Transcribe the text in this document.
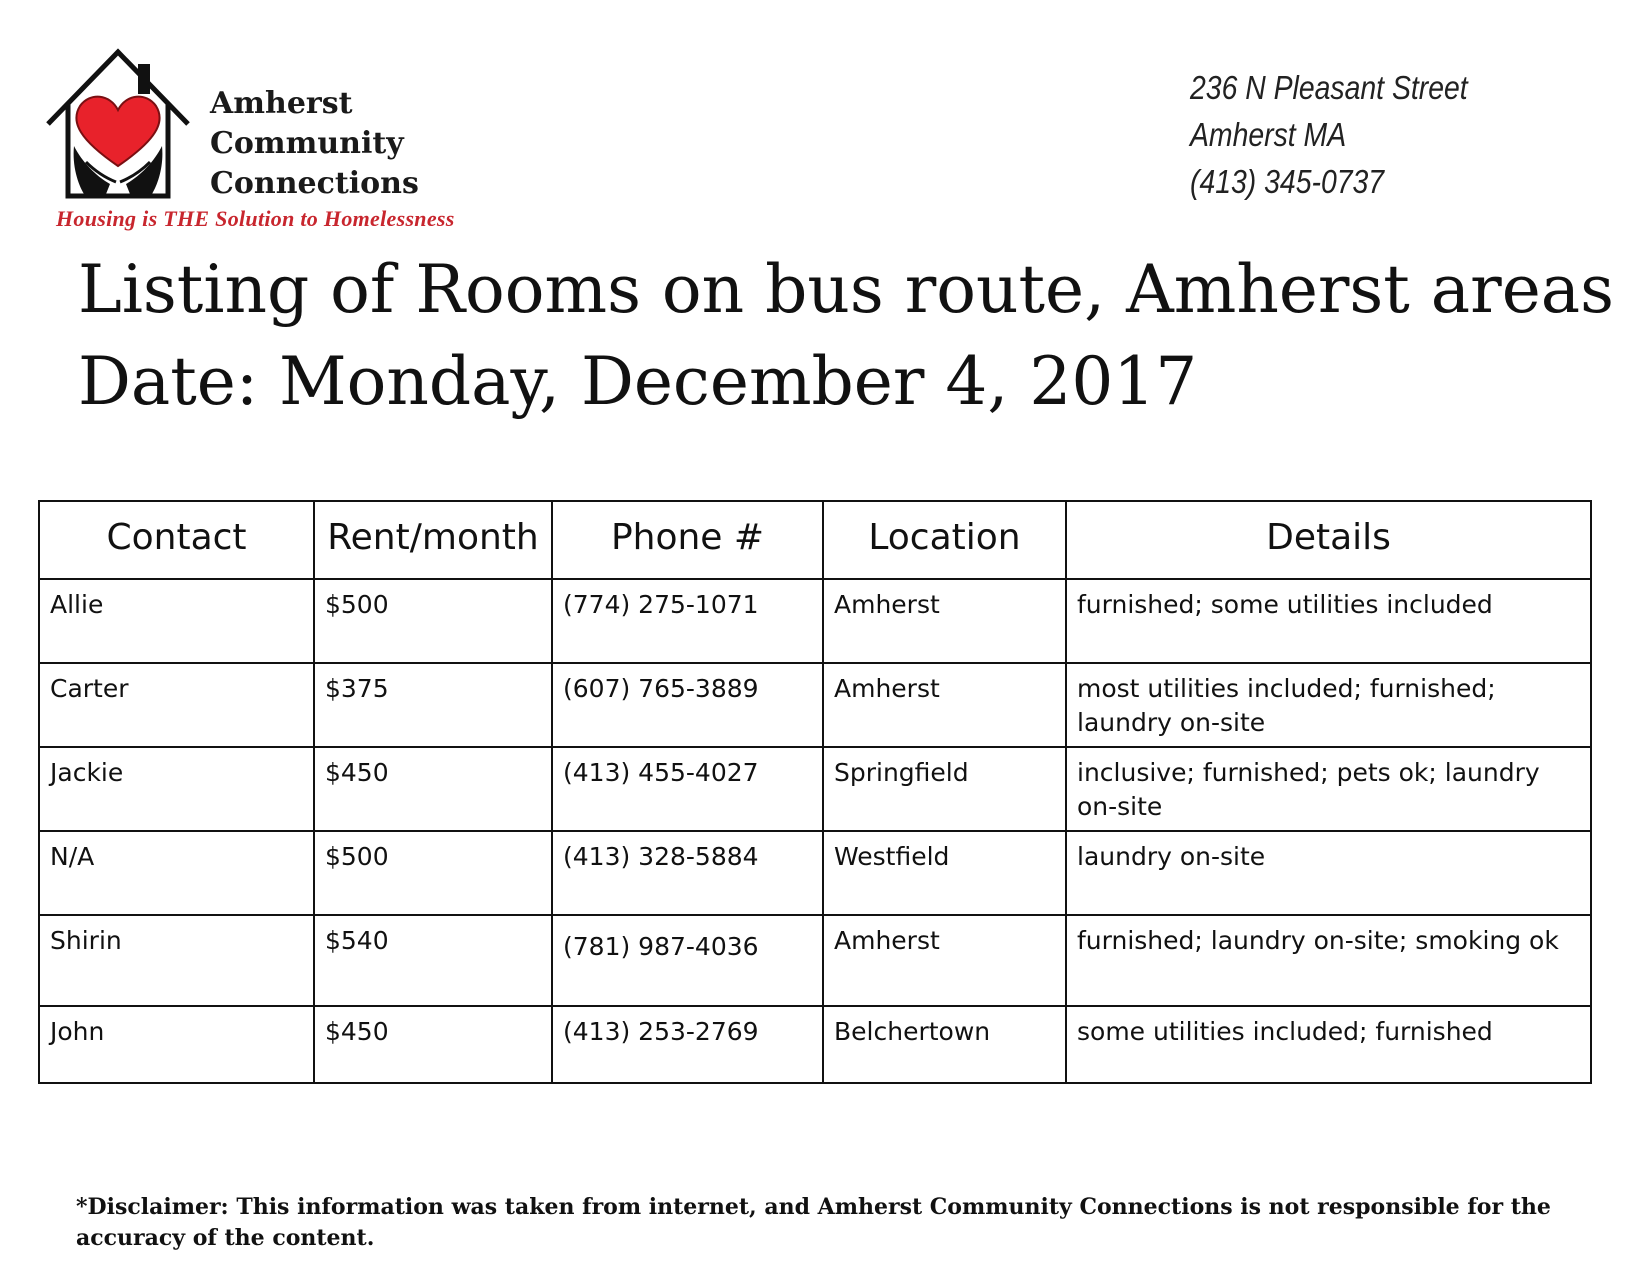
Amherst
Community
Connections
Housing is THE Solution to Homelessness
236 N Pleasant Street
Amherst MA
(413) 345-0737
Listing of Rooms on bus route, Amherst areas
Date: Monday, December 4, 2017
Contact	Rent/month	Phone #	Location	Details
Allie	$500	(774) 275-1071	Amherst	furnished; some utilities included
Carter	$375	(607) 765-3889	Amherst	most utilities included; furnished; laundry on-site
Jackie	$450	(413) 455-4027	Springfield	inclusive; furnished; pets ok; laundry on-site
N/A	$500	(413) 328-5884	Westfield	laundry on-site
Shirin	$540	(781) 987-4036	Amherst	furnished; laundry on-site; smoking ok
John	$450	(413) 253-2769	Belchertown	some utilities included; furnished
*Disclaimer: This information was taken from internet, and Amherst Community Connections is not responsible for the accuracy of the content.
